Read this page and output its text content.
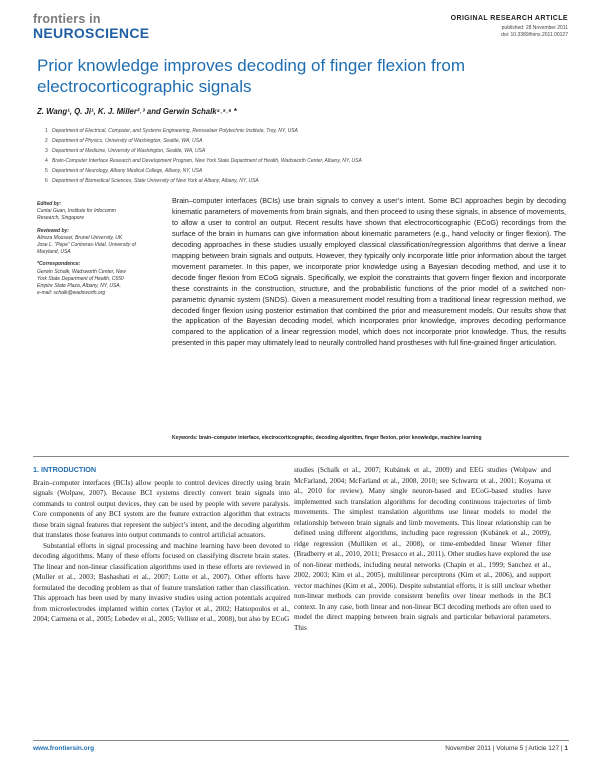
frontiers in
NEUROSCIENCE
ORIGINAL RESEARCH ARTICLE
published: 28 November 2011
doi: 10.3389/fnins.2011.00127
Prior knowledge improves decoding of finger flexion from electrocorticographic signals
Z. Wang¹, Q. Ji¹, K. J. Miller²˒³ and Gerwin Schalk⁴˒⁵˒⁶ *
1 Department of Electrical, Computer, and Systems Engineering, Rensselaer Polytechnic Institute, Troy, NY, USA
2 Department of Physics, University of Washington, Seattle, WA, USA
3 Department of Medicine, University of Washington, Seattle, WA, USA
4 Brain-Computer Interface Research and Development Program, New York State Department of Health, Wadsworth Center, Albany, NY, USA
5 Department of Neurology, Albany Medical College, Albany, NY, USA
6 Department of Biomedical Sciences, State University of New York at Albany, Albany, NY, USA
Edited by:
Cuntai Guan, Institute for Infocomm Research, Singapore
Reviewed by:
Alireza Mousavi, Brunel University, UK
Jose L. “Pepe” Contreras-Vidal, University of Maryland, USA
*Correspondence:
Gerwin Schalk, Wadsworth Center, New York State Department of Health, C650 Empire State Plaza, Albany, NY, USA.
e-mail: schalk@wadsworth.org
Brain–computer interfaces (BCIs) use brain signals to convey a user’s intent. Some BCI approaches begin by decoding kinematic parameters of movements from brain signals, and then proceed to using these signals, in absence of movements, to allow a user to control an output. Recent results have shown that electrocorticographic (ECoG) recordings from the surface of the brain in humans can give information about kinematic parameters (e.g., hand velocity or finger flexion). The decoding approaches in these studies usually employed classical classification/regression algorithms that derive a linear mapping between brain signals and outputs. However, they typically only incorporate little prior information about the target movement parameter. In this paper, we incorporate prior knowledge using a Bayesian decoding method, and use it to decode finger flexion from ECoG signals. Specifically, we exploit the constraints that govern finger flexion and incorporate these constraints in the construction, structure, and the probabilistic functions of the prior model of a switched non-parametric dynamic system (SNDS). Given a measurement model resulting from a traditional linear regression method, we decoded finger flexion using posterior estimation that combined the prior and measurement models. Our results show that the application of the Bayesian decoding model, which incorporates prior knowledge, improves decoding performance compared to the application of a linear regression model, which does not incorporate prior knowledge. Thus, the results presented in this paper may ultimately lead to neurally controlled hand prostheses with full fine-grained finger articulation.
Keywords: brain–computer interface, electrocorticographic, decoding algorithm, finger flexion, prior knowledge, machine learning
1. INTRODUCTION

Brain–computer interfaces (BCIs) allow people to control devices directly using brain signals (Wolpaw, 2007). Because BCI systems directly convert brain signals into commands to control output devices, they can be used by people with severe paralysis. Core components of any BCI system are the feature extraction algorithm that extracts those brain signal features that represent the subject’s intent, and the decoding algorithm that translates those features into output commands to control artificial actuators.

Substantial efforts in signal processing and machine learning have been devoted to decoding algorithms. Many of these efforts focused on classifying discrete brain states. The linear and non-linear classification algorithms used in these efforts are reviewed in (Muller et al., 2003; Bashashati et al., 2007; Lotte et al., 2007). Other efforts have formulated the decoding problem as that of feature translation rather than classification. This approach has been used by many invasive studies using action potentials acquired from microelectrodes implanted within cortex (Taylor et al., 2002; Hatsopoulos et al., 2004; Carmena et al., 2005; Lebedev et al., 2005; Velliste et al., 2008), but also by ECoG

studies (Schalk et al., 2007; Kubánek et al., 2009) and EEG studies (Wolpaw and McFarland, 2004; McFarland et al., 2008, 2010; see Schwartz et al., 2001; Koyama et al., 2010 for review). Many single neuron-based and ECoG-based studies have implemented such translation algorithms for decoding continuous trajectories of limb movements. The simplest translation algorithms use linear models to model the relationship between brain signals and limb movements. This linear relationship can be defined using different algorithms, including pace regression (Kubánek et al., 2009), ridge regression (Mulliken et al., 2008), or time-embedded linear Wiener filter (Bradberry et al., 2010, 2011; Presacco et al., 2011). Other studies have explored the use of non-linear methods, including neural networks (Chapin et al., 1999; Sanchez et al., 2002, 2003; Kim et al., 2005), multilinear perceptrons (Kim et al., 2006), and support vector machines (Kim et al., 2006). Despite substantial efforts, it is still unclear whether non-linear methods can provide consistent benefits over linear methods in the BCI context. In any case, both linear and non-linear BCI decoding methods are often used to model the direct mapping between brain signals and particular behavioral parameters. This

www.frontiersin.org	November 2011 | Volume 5 | Article 127 | 1
